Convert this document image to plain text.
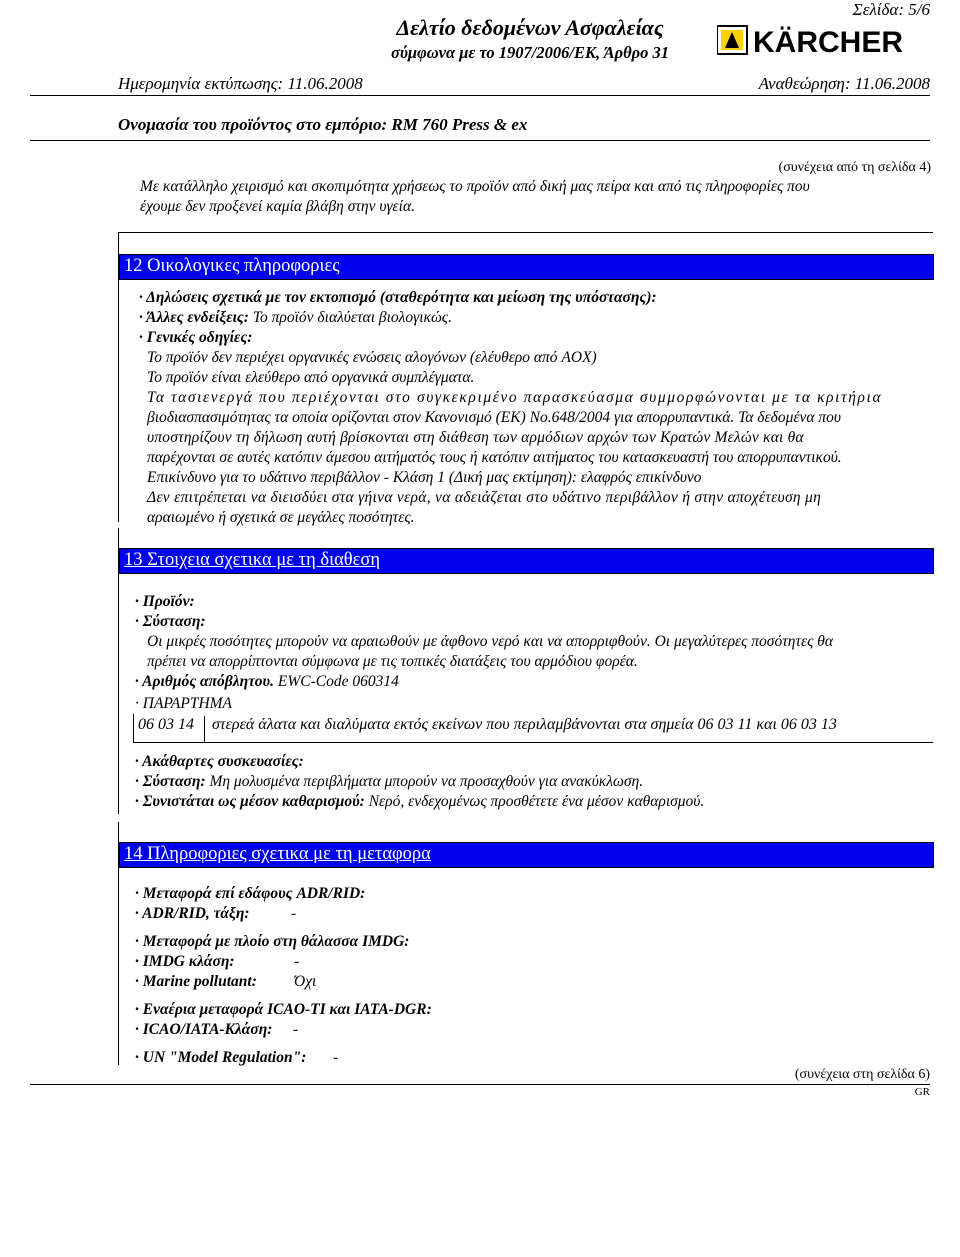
Σελίδα: 5/6
Δελτίο δεδομένων Ασφαλείας
σύμφωνα με το 1907/2006/ΕΚ, Άρθρο 31	KÄRCHER
Ημερομηνία εκτύπωσης: 11.06.2008	Αναθεώρηση: 11.06.2008
Ονομασία του προϊόντος στο εμπόριο: RM 760 Press & ex
(συνέχεια από τη σελίδα 4)
Με κατάλληλο χειρισμό και σκοπιμότητα χρήσεως το προϊόν από δική μας πείρα και από τις πληροφορίες που
έχουμε δεν προξενεί καμία βλάβη στην υγεία.
12 Οικολογικες πληροφοριες
· Δηλώσεις σχετικά με τον εκτοπισμό (σταθερότητα και μείωση της υπόστασης):
· Άλλες ενδείξεις: Το προϊόν διαλύεται βιολογικώς.
· Γενικές οδηγίες:
Το προϊόν δεν περιέχει οργανικές ενώσεις αλογόνων (ελέυθερο από AOX)
Το προϊόν είναι ελεύθερο από οργανικά συμπλέγματα.
Τα τασιενεργά που περιέχονται στο συγκεκριμένο παρασκεύασμα συμμορφώνονται με τα κριτήρια
βιοδιασπασιμότητας τα οποία ορίζονται στον Κανονισμό (ΕΚ) Νο.648/2004 για απορρυπαντικά. Τα δεδομένα που
υποστηρίζουν τη δήλωση αυτή βρίσκονται στη διάθεση των αρμόδιων αρχών των Κρατών Μελών και θα
παρέχονται σε αυτές κατόπιν άμεσου αιτήματός τους ή κατόπιν αιτήματος του κατασκευαστή του απορρυπαντικού.
Επικίνδυνο για το υδάτινο περιβάλλον - Κλάση 1 (Δική μας εκτίμηση): ελαφρός επικίνδυνο
Δεν επιτρέπεται να διεισδύει στα γήινα νερά, να αδειάζεται στο υδάτινο περιβάλλον ή στην αποχέτευση μη
αραιωμένο ή σχετικά σε μεγάλες ποσότητες.
13 Στοιχεια σχετικα με τη διαθεση
· Προϊόν:
· Σύσταση:
Οι μικρές ποσότητες μπορούν να αραιωθούν με άφθονο νερό και να απορριφθούν. Οι μεγαλύτερες ποσότητες θα
πρέπει να απορρίπτονται σύμφωνα με τις τοπικές διατάξεις του αρμόδιου φορέα.
· Αριθμός απόβλητου. EWC-Code 060314
· ΠΑΡΑΡΤΗΜΑ
06 03 14	στερεά άλατα και διαλύματα εκτός εκείνων που περιλαμβάνονται στα σημεία 06 03 11 και 06 03 13
· Ακάθαρτες συσκευασίες:
· Σύσταση: Μη μολυσμένα περιβλήματα μπορούν να προσαχθούν για ανακύκλωση.
· Συνιστάται ως μέσον καθαρισμού: Νερό, ενδεχομένως προσθέτετε ένα μέσον καθαρισμού.
14 Πληροφοριες σχετικα με τη μεταφορα
· Μεταφορά επί εδάφους ADR/RID:
· ADR/RID, τάξη:	-
· Μεταφορά με πλοίο στη θάλασσα IMDG:
· IMDG κλάση:	-
· Marine pollutant: Όχι
· Εναέρια μεταφορά ICAO-TI και IATA-DGR:
· ICAO/IATA-Κλάση: -
· UN "Model Regulation": -
(συνέχεια στη σελίδα 6)
GR
